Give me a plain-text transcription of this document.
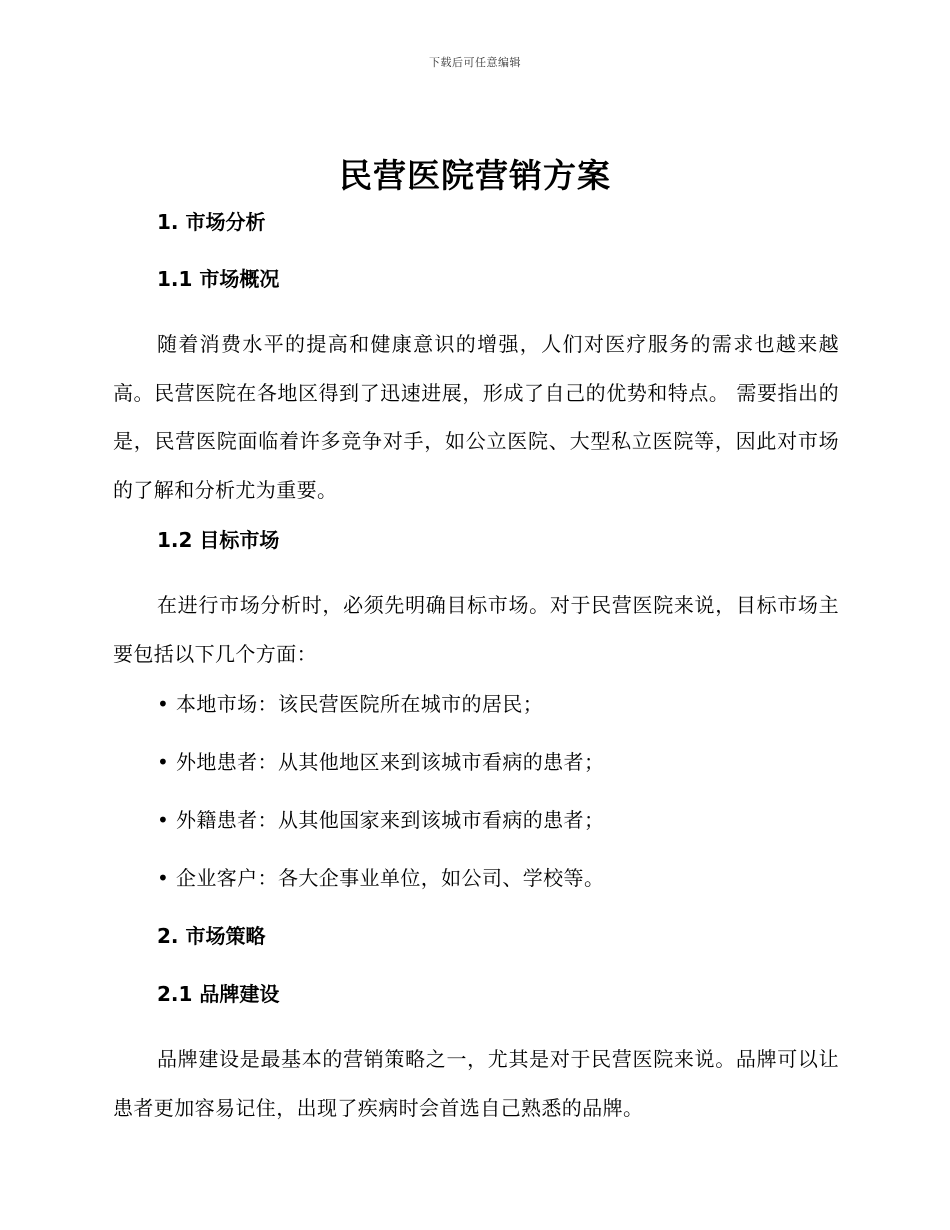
下载后可任意编辑
民营医院营销方案
1. 市场分析
1.1 市场概况

随着消费水平的提高和健康意识的增强，人们对医疗服务的需求也越来越高。民营医院在各地区得到了迅速进展，形成了自己的优势和特点。 需要指出的是，民营医院面临着许多竞争对手，如公立医院、大型私立医院等，因此对市场的了解和分析尤为重要。

1.2 目标市场

在进行市场分析时，必须先明确目标市场。对于民营医院来说，目标市场主要包括以下几个方面：

• 本地市场：该民营医院所在城市的居民；
• 外地患者：从其他地区来到该城市看病的患者；
• 外籍患者：从其他国家来到该城市看病的患者；
• 企业客户：各大企事业单位，如公司、学校等。
2. 市场策略
2.1 品牌建设

品牌建设是最基本的营销策略之一，尤其是对于民营医院来说。品牌可以让患者更加容易记住，出现了疾病时会首选自己熟悉的品牌。
